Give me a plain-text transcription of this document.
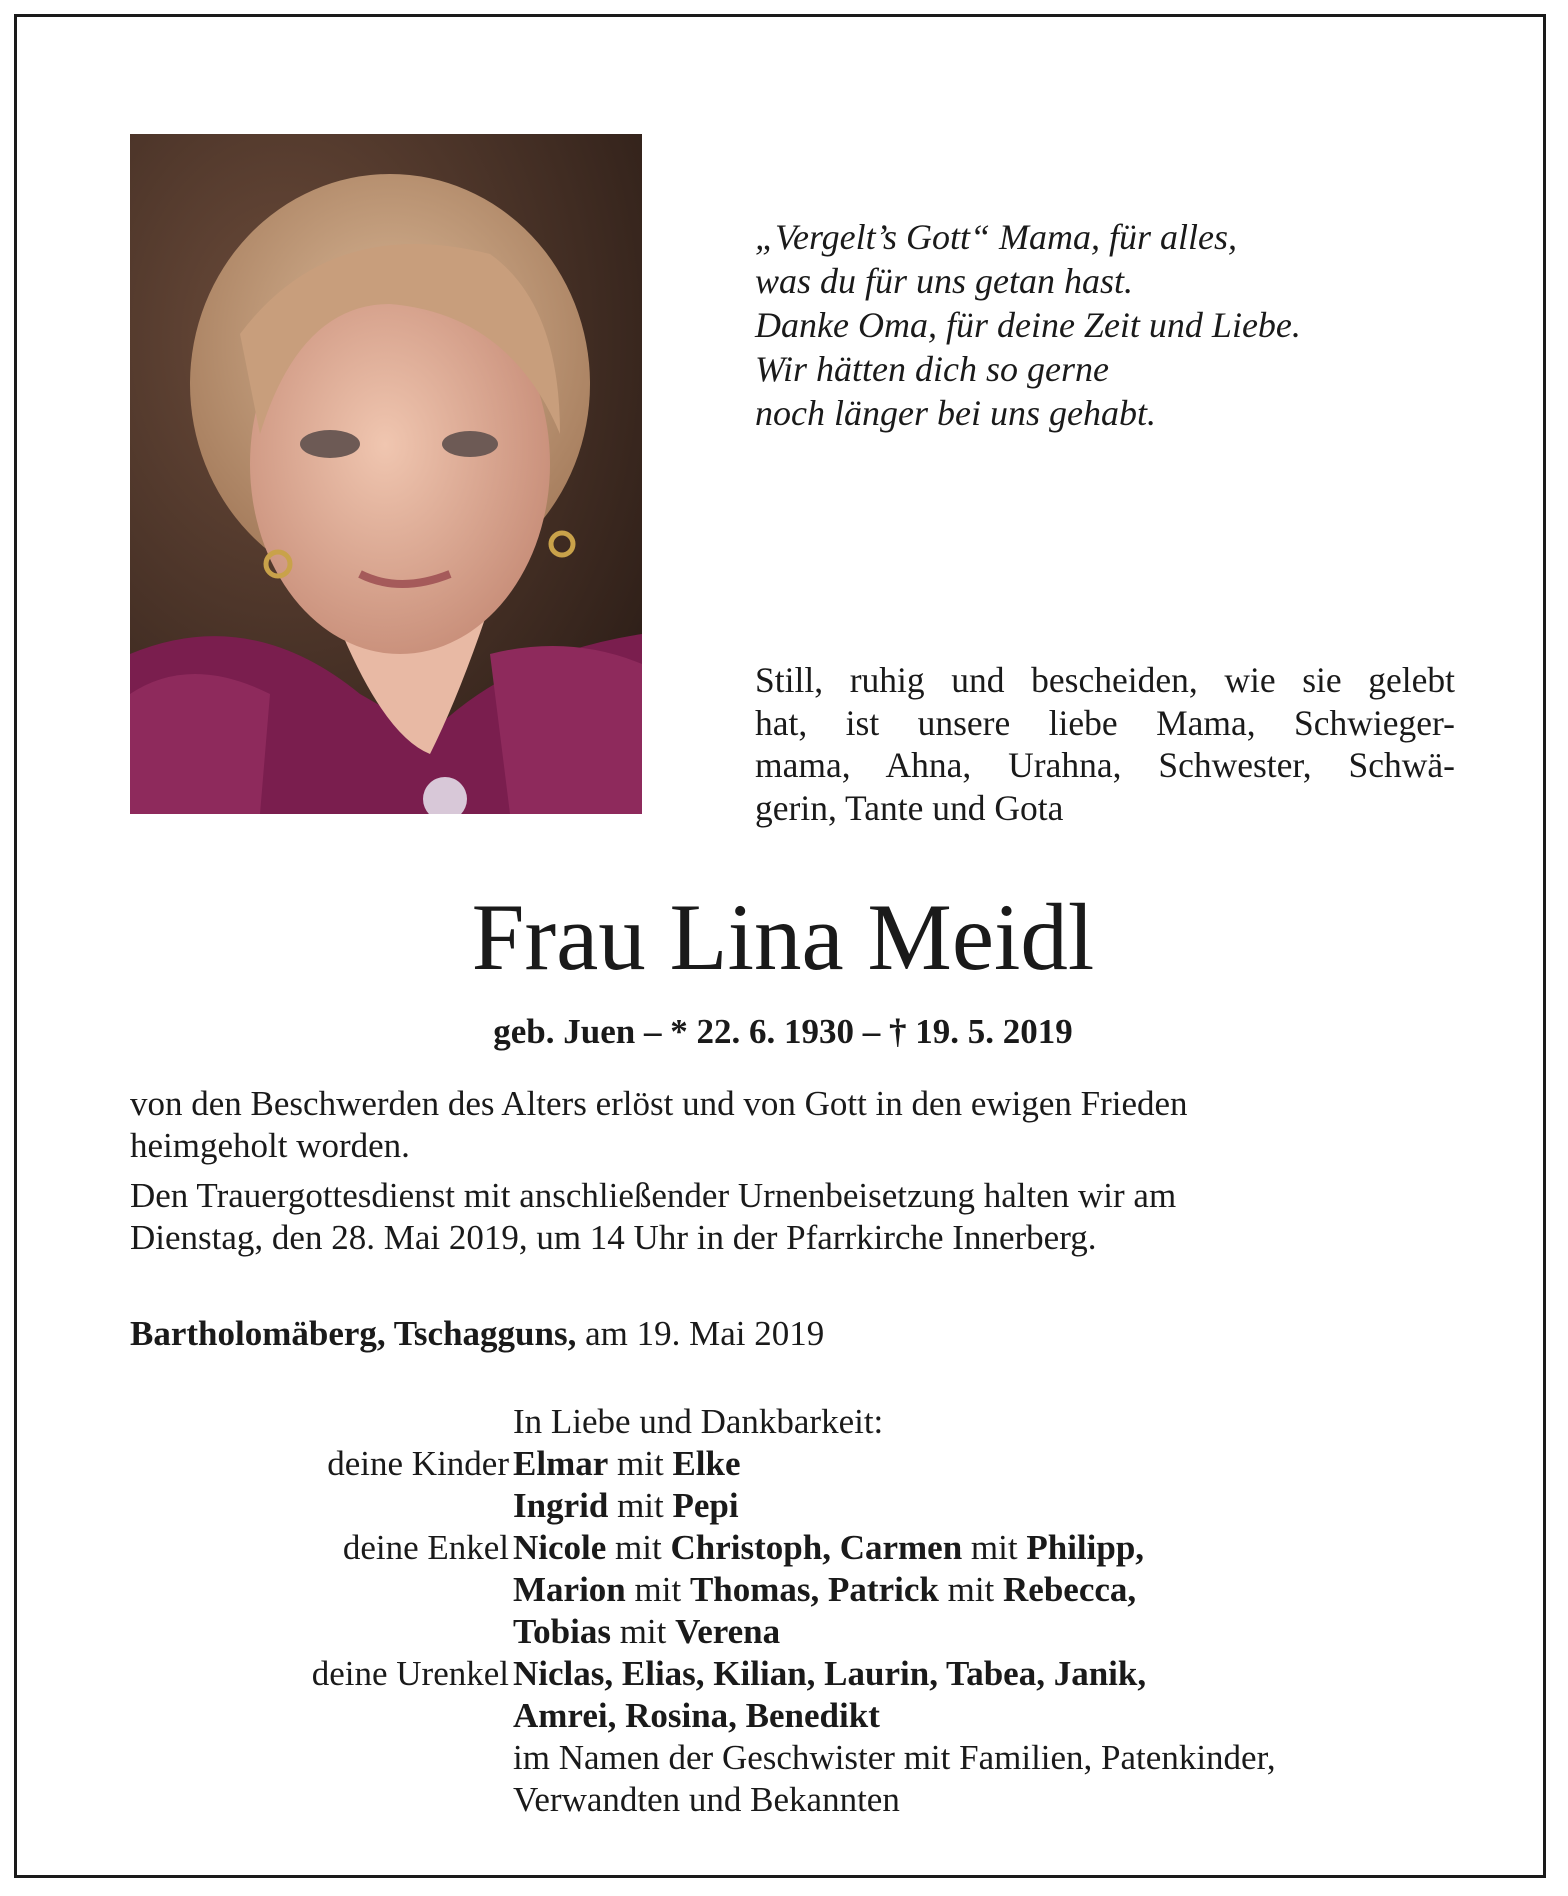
„Vergelt’s Gott“ Mama, für alles,
was du für uns getan hast.
Danke Oma, für deine Zeit und Liebe.
Wir hätten dich so gerne
noch länger bei uns gehabt.
Still, ruhig und bescheiden, wie sie gelebt
hat, ist unsere liebe Mama, Schwieger-
mama, Ahna, Urahna, Schwester, Schwä-
gerin, Tante und Gota
Frau Lina Meidl
geb. Juen – * 22. 6. 1930 – † 19. 5. 2019
von den Beschwerden des Alters erlöst und von Gott in den ewigen Frieden
heimgeholt worden.
Den Trauergottesdienst mit anschließender Urnenbeisetzung halten wir am
Dienstag, den 28. Mai 2019, um 14 Uhr in der Pfarrkirche Innerberg.
Bartholomäberg, Tschagguns, am 19. Mai 2019
In Liebe und Dankbarkeit:
deine Kinder Elmar mit Elke
Ingrid mit Pepi
deine Enkel Nicole mit Christoph, Carmen mit Philipp,
Marion mit Thomas, Patrick mit Rebecca,
Tobias mit Verena
deine Urenkel Niclas, Elias, Kilian, Laurin, Tabea, Janik,
Amrei, Rosina, Benedikt
im Namen der Geschwister mit Familien, Patenkinder,
Verwandten und Bekannten
